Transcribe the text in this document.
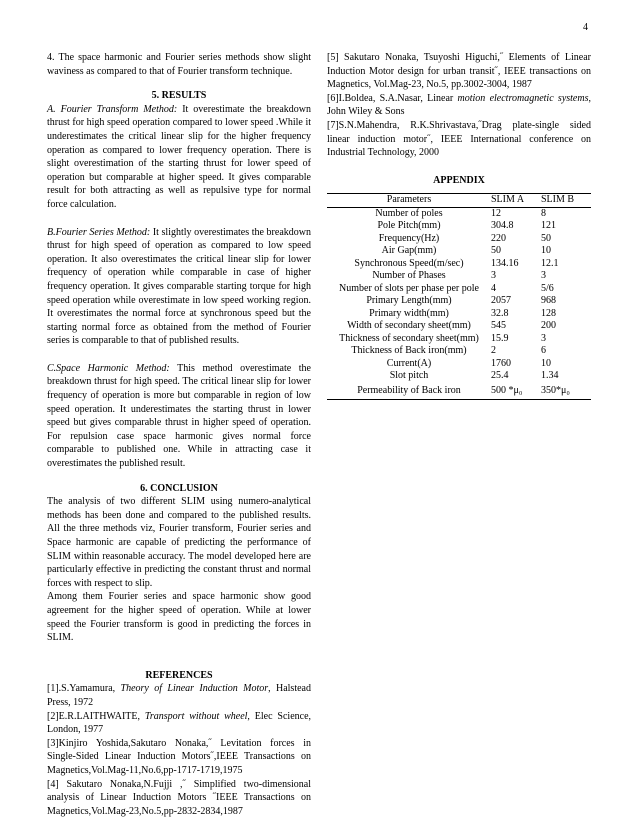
4

4. The space harmonic and Fourier series methods show slight waviness as compared to that of Fourier transform technique.

5. RESULTS

A. Fourier Transform Method: It overestimate the breakdown thrust for high speed operation compared to lower speed .While it underestimates the critical linear slip for the higher frequency operation as compared to lower frequency operation. There is slight overestimation of the starting thrust for lower speed of operation but comparable at higher speed. It gives comparable result for both attracting as well as repulsive type for normal force calculation.

B.Fourier Series Method: It slightly overestimates the breakdown thrust for high speed of operation as compared to low speed operation. It also overestimates the critical linear slip for lower frequency of operation while comparable in case of higher frequency operation. It gives comparable starting torque for high speed operation while overestimate in low speed working region. It overestimates the normal force at synchronous speed but the starting normal force as obtained from the method of Fourier series is comparable to that of published results.

C.Space Harmonic Method: This method overestimate the breakdown thrust for high speed. The critical linear slip for lower frequency of operation is more but comparable in region of low speed operation. It underestimates the starting thrust in lower speed but gives comparable thrust in higher speed of operation. For repulsion case space harmonic gives normal force comparable to published one. While in attracting case it overestimates the published result.

6. CONCLUSION

The analysis of two different SLIM using numero-analytical methods has been done and compared to the published results. All the three methods viz, Fourier transform, Fourier series and Space harmonic are capable of predicting the performance of SLIM within reasonable accuracy. The model developed here are particularly effective in predicting the constant thrust and normal forces with respect to slip.

Among them Fourier series and space harmonic show good agreement for the higher speed of operation. While at lower speed the Fourier transform is good in predicting the forces in SLIM.

REFERENCES

[1].S.Yamamura, Theory of Linear Induction Motor, Halstead Press, 1972

[2]E.R.LAITHWAITE, Transport without wheel, Elec Science, London, 1977

[3]Kinjiro Yoshida,Sakutaro Nonaka,˝ Levitation forces in Single-Sided Linear Induction Motors˝,IEEE Transactions on Magnetics,Vol.Mag-11,No.6,pp-1717-1719,1975

[4] Sakutaro Nonaka,N.Fujji ,˝ Simplified two-dimensional analysis of Linear Induction Motors ˝IEEE Transactions on Magnetics,Vol.Mag-23,No.5,pp-2832-2834,1987

[5] Sakutaro Nonaka, Tsuyoshi Higuchi,˝ Elements of Linear Induction Motor design for urban transit˝, IEEE transactions on Magnetics, Vol.Mag-23, No.5, pp.3002-3004, 1987

[6]I.Boldea, S.A.Nasar, Linear motion electromagnetic systems, John Wiley & Sons

[7]S.N.Mahendra, R.K.Shrivastava,˝Drag plate-single sided linear induction motor˝, IEEE International conference on Industrial Technology, 2000

APPENDIX
Parameters	SLIM A	SLIM B
Number of poles	12	8
Pole Pitch(mm)	304.8	121
Frequency(Hz)	220	50
Air Gap(mm)	50	10
Synchronous Speed(m/sec)	134.16	12.1
Number of Phases	3	3
Number of slots per phase per pole	4	5/6
Primary Length(mm)	2057	968
Primary width(mm)	32.8	128
Width of secondary sheet(mm)	545	200
Thickness of secondary sheet(mm)	15.9	3
Thickness of Back iron(mm)	2	6
Current(A)	1760	10
Slot pitch	25.4	1.34
Permeability of Back iron	500 *μ₀	350*μ₀
